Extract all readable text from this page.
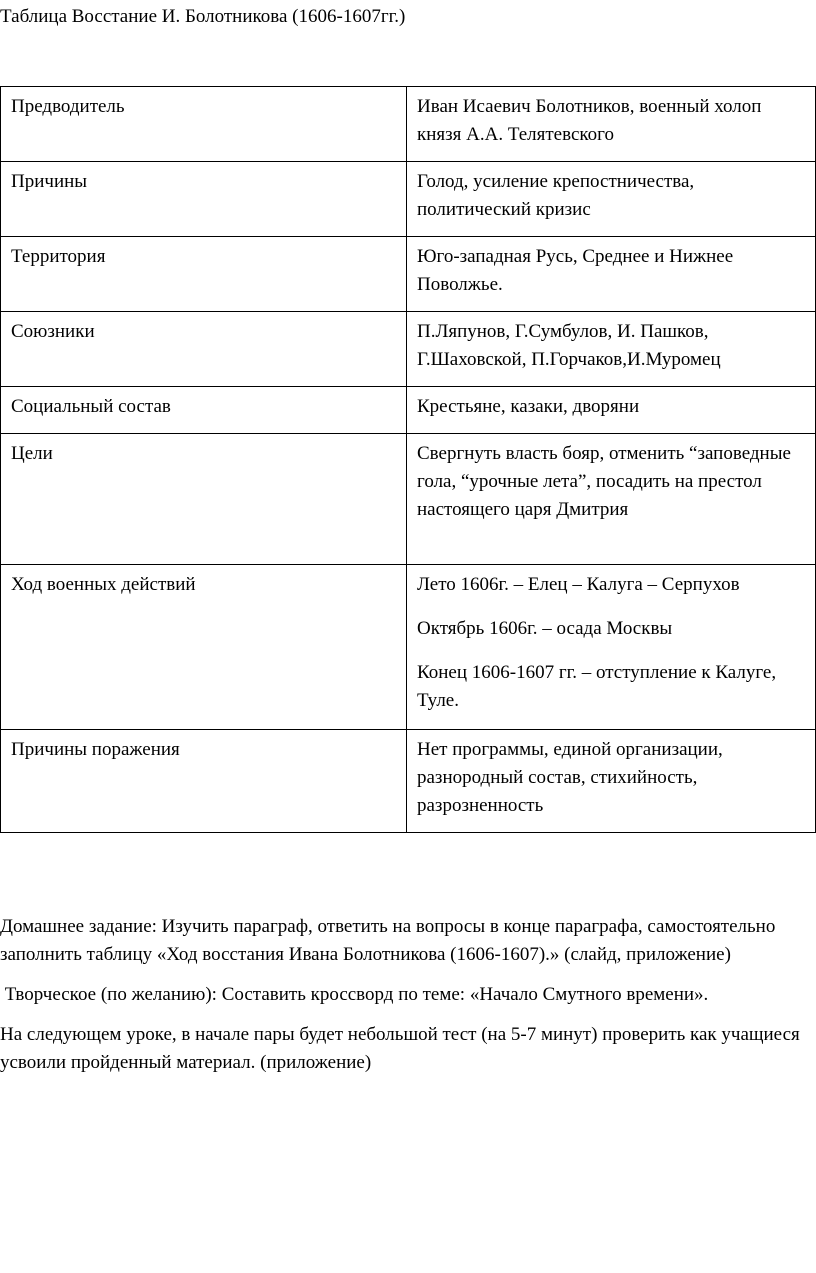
Таблица Восстание И. Болотникова (1606-1607гг.)
Предводитель	Иван Исаевич Болотников, военный холоп князя А.А. Телятевского

Причины	Голод, усиление крепостничества, политический кризис

Территория	Юго-западная Русь, Среднее и Нижнее Поволжье.

Союзники	П.Ляпунов, Г.Сумбулов, И. Пашков, Г.Шаховской, П.Горчаков,И.Муромец

Социальный состав	Крестьяне, казаки, дворяни

Цели	Свергнуть власть бояр, отменить “заповедные гола, “урочные лета”, посадить на престол настоящего царя Дмитрия

Ход военных действий	Лето 1606г. – Елец – Калуга – Серпухов

Октябрь 1606г. – осада Москвы

Конец 1606-1607 гг. – отступление к Калуге, Туле.

Причины поражения	Нет программы, единой организации, разнородный состав, стихийность, разрозненность

Домашнее задание: Изучить параграф, ответить на вопросы в конце параграфа, самостоятельно заполнить таблицу «Ход восстания Ивана Болотникова (1606-1607).» (слайд, приложение)

Творческое (по желанию): Составить кроссворд по теме: «Начало Смутного времени».

На следующем уроке, в начале пары будет небольшой тест (на 5-7 минут) проверить как учащиеся усвоили пройденный материал. (приложение)
